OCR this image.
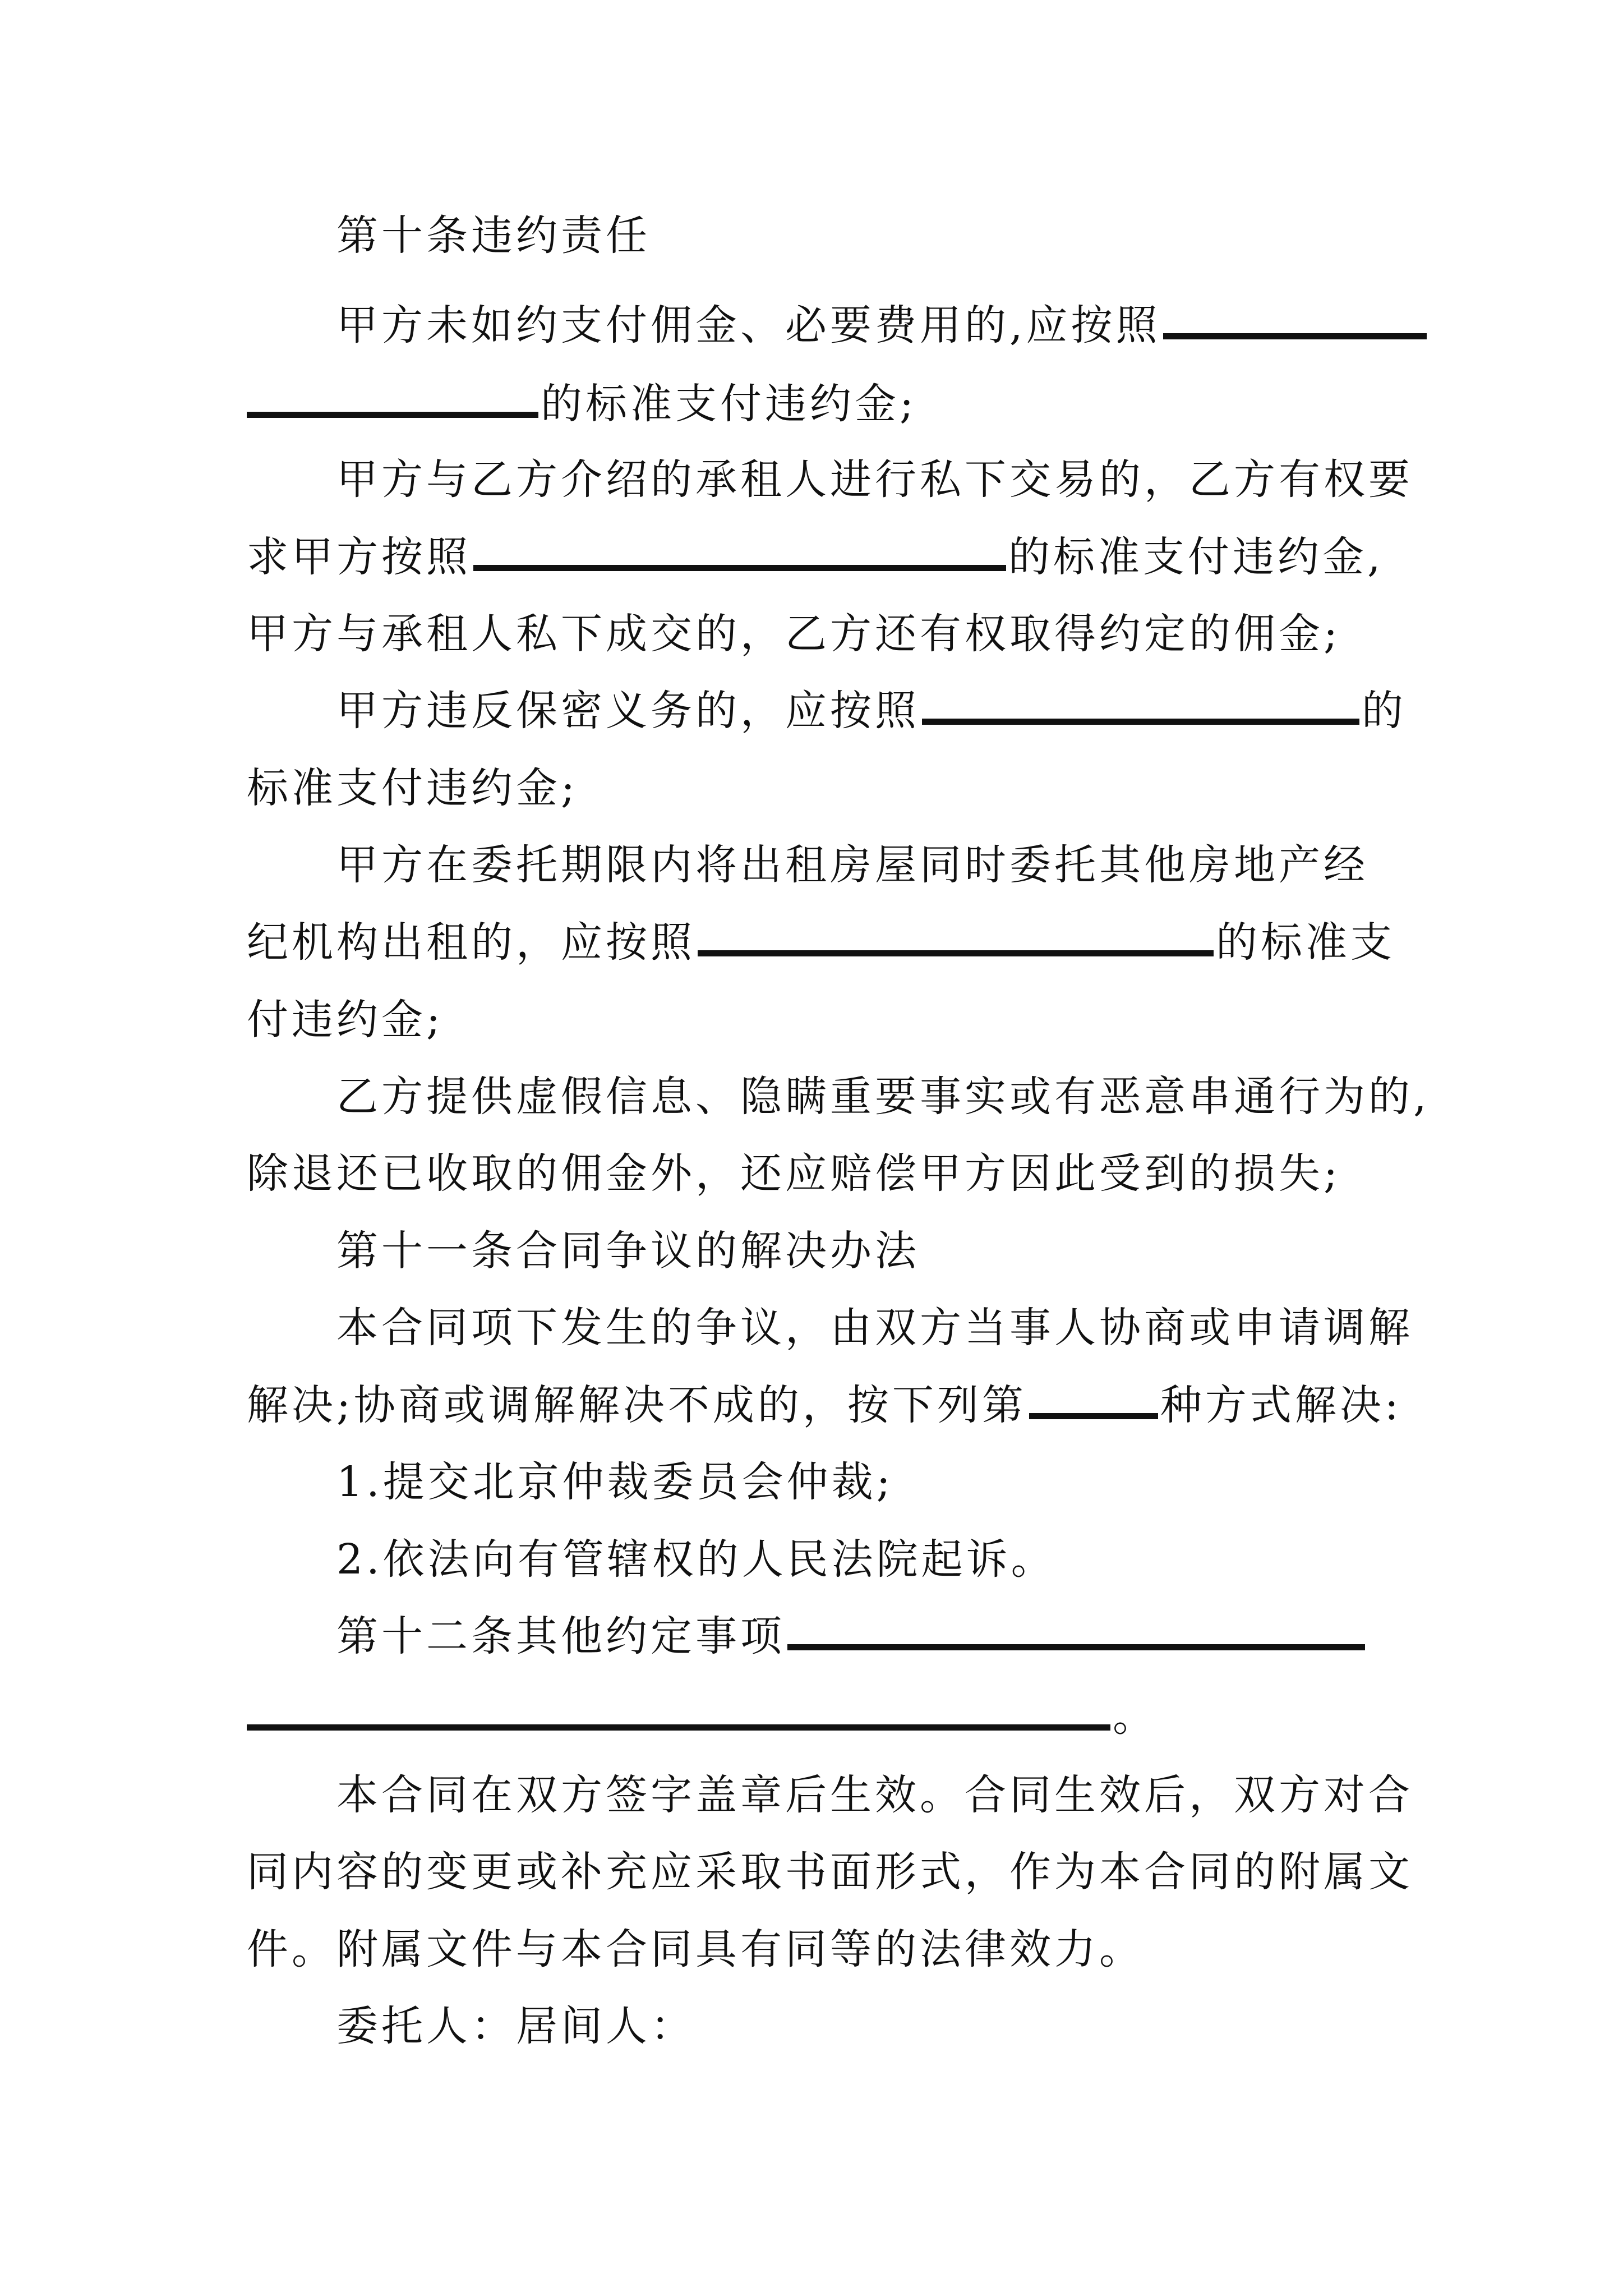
第十条违约责任
甲方未如约支付佣金、必要费用的,应按照
的标准支付违约金;
甲方与乙方介绍的承租人进行私下交易的，乙方有权要
求甲方按照	的标准支付违约金,
甲方与承租人私下成交的，乙方还有权取得约定的佣金;
甲方违反保密义务的，应按照	的
标准支付违约金;
甲方在委托期限内将出租房屋同时委托其他房地产经
纪机构出租的，应按照	的标准支
付违约金;
乙方提供虚假信息、隐瞒重要事实或有恶意串通行为的,
除退还已收取的佣金外，还应赔偿甲方因此受到的损失;
第十一条合同争议的解决办法
本合同项下发生的争议，由双方当事人协商或申请调解
解决;协商或调解解决不成的，按下列第	种方式解决:
1.提交北京仲裁委员会仲裁;
2.依法向有管辖权的人民法院起诉。
第十二条其他约定事项
。
本合同在双方签字盖章后生效。合同生效后，双方对合
同内容的变更或补充应采取书面形式，作为本合同的附属文
件。附属文件与本合同具有同等的法律效力。
委托人：居间人：
